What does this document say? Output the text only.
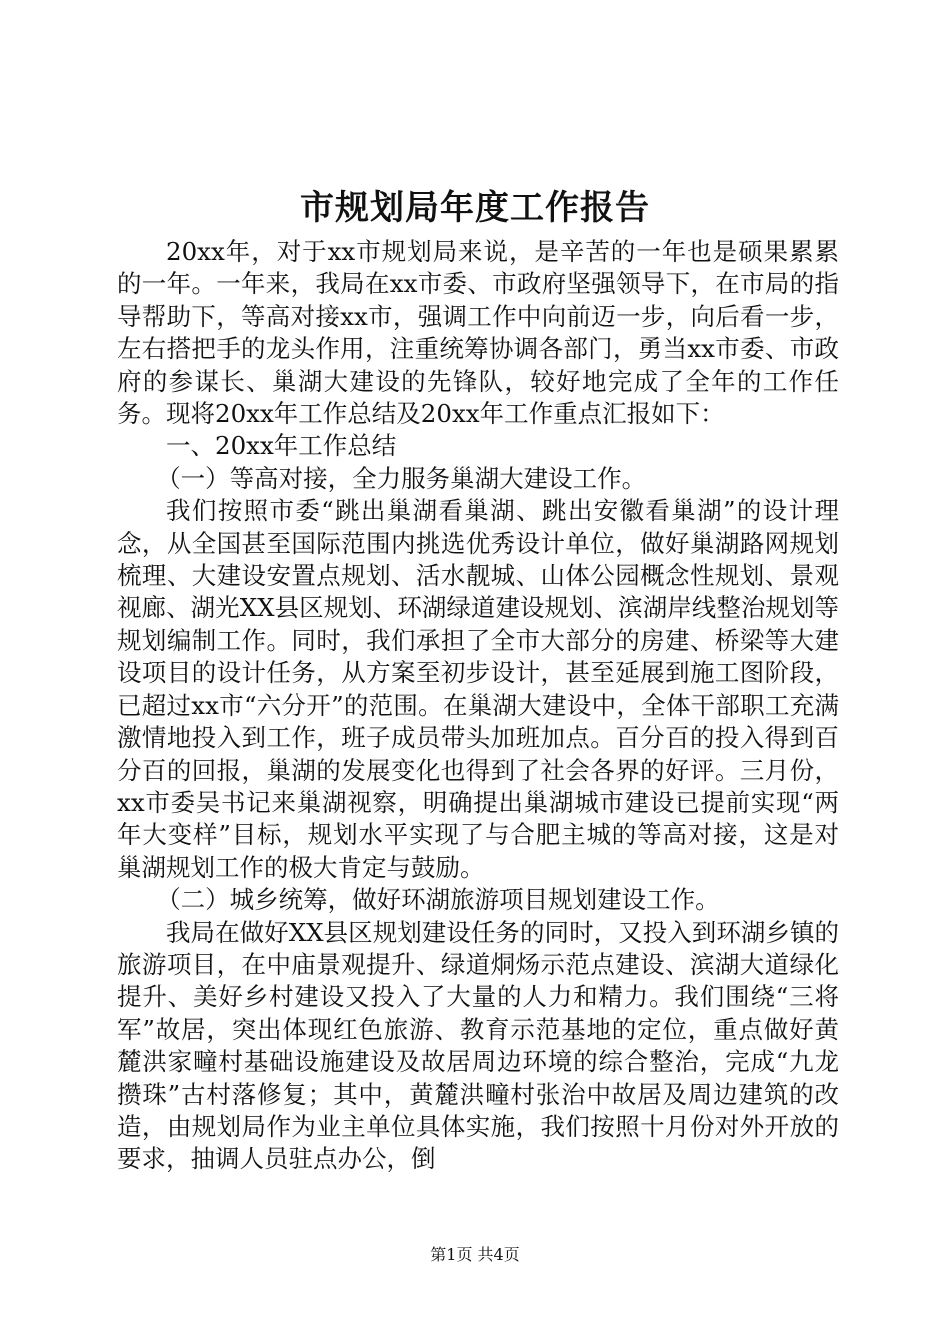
市规划局年度工作报告

20xx年，对于xx市规划局来说，是辛苦的一年也是硕果累累的一年。一年来，我局在xx市委、市政府坚强领导下，在市局的指导帮助下，等高对接xx市，强调工作中向前迈一步，向后看一步，左右搭把手的龙头作用，注重统筹协调各部门，勇当xx市委、市政府的参谋长、巢湖大建设的先锋队，较好地完成了全年的工作任务。现将20xx年工作总结及20xx年工作重点汇报如下：

一、20xx年工作总结

（一）等高对接，全力服务巢湖大建设工作。

我们按照市委“跳出巢湖看巢湖、跳出安徽看巢湖”的设计理念，从全国甚至国际范围内挑选优秀设计单位，做好巢湖路网规划梳理、大建设安置点规划、活水靓城、山体公园概念性规划、景观视廊、湖光XX县区规划、环湖绿道建设规划、滨湖岸线整治规划等规划编制工作。同时，我们承担了全市大部分的房建、桥梁等大建设项目的设计任务，从方案至初步设计，甚至延展到施工图阶段，已超过xx市“六分开”的范围。在巢湖大建设中，全体干部职工充满激情地投入到工作，班子成员带头加班加点。百分百的投入得到百分百的回报，巢湖的发展变化也得到了社会各界的好评。三月份，xx市委吴书记来巢湖视察，明确提出巢湖城市建设已提前实现“两年大变样”目标，规划水平实现了与合肥主城的等高对接，这是对巢湖规划工作的极大肯定与鼓励。

（二）城乡统筹，做好环湖旅游项目规划建设工作。

我局在做好XX县区规划建设任务的同时，又投入到环湖乡镇的旅游项目，在中庙景观提升、绿道烔炀示范点建设、滨湖大道绿化提升、美好乡村建设又投入了大量的人力和精力。我们围绕“三将军”故居，突出体现红色旅游、教育示范基地的定位，重点做好黄麓洪家疃村基础设施建设及故居周边环境的综合整治，完成“九龙攒珠”古村落修复；其中，黄麓洪疃村张治中故居及周边建筑的改造，由规划局作为业主单位具体实施，我们按照十月份对外开放的要求，抽调人员驻点办公，倒

第1页 共4页
